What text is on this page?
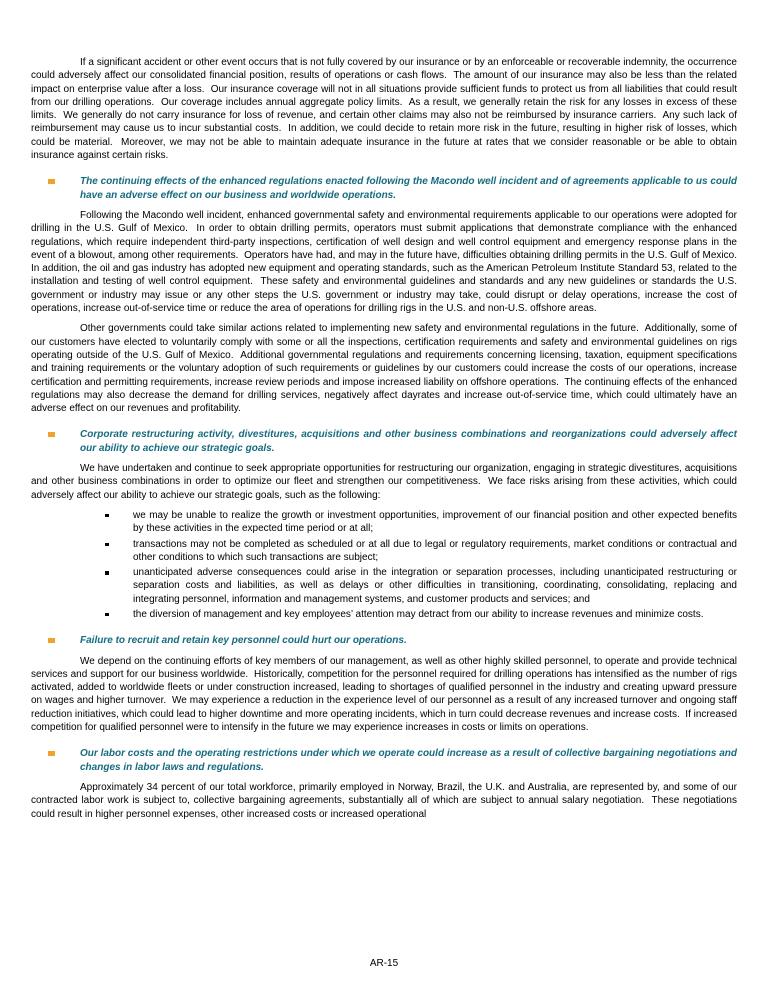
If a significant accident or other event occurs that is not fully covered by our insurance or by an enforceable or recoverable indemnity, the occurrence could adversely affect our consolidated financial position, results of operations or cash flows.  The amount of our insurance may also be less than the related impact on enterprise value after a loss.  Our insurance coverage will not in all situations provide sufficient funds to protect us from all liabilities that could result from our drilling operations.  Our coverage includes annual aggregate policy limits.  As a result, we generally retain the risk for any losses in excess of these limits.  We generally do not carry insurance for loss of revenue, and certain other claims may also not be reimbursed by insurance carriers.  Any such lack of reimbursement may cause us to incur substantial costs.  In addition, we could decide to retain more risk in the future, resulting in higher risk of losses, which could be material.  Moreover, we may not be able to maintain adequate insurance in the future at rates that we consider reasonable or be able to obtain insurance against certain risks.

The continuing effects of the enhanced regulations enacted following the Macondo well incident and of agreements applicable to us could have an adverse effect on our business and worldwide operations.

Following the Macondo well incident, enhanced governmental safety and environmental requirements applicable to our operations were adopted for drilling in the U.S. Gulf of Mexico.  In order to obtain drilling permits, operators must submit applications that demonstrate compliance with the enhanced regulations, which require independent third-party inspections, certification of well design and well control equipment and emergency response plans in the event of a blowout, among other requirements.  Operators have had, and may in the future have, difficulties obtaining drilling permits in the U.S. Gulf of Mexico.  In addition, the oil and gas industry has adopted new equipment and operating standards, such as the American Petroleum Institute Standard 53, related to the installation and testing of well control equipment.  These safety and environmental guidelines and standards and any new guidelines or standards the U.S. government or industry may issue or any other steps the U.S. government or industry may take, could disrupt or delay operations, increase the cost of operations, increase out-of-service time or reduce the area of operations for drilling rigs in the U.S. and non-U.S. offshore areas.

Other governments could take similar actions related to implementing new safety and environmental regulations in the future.  Additionally, some of our customers have elected to voluntarily comply with some or all the inspections, certification requirements and safety and environmental guidelines on rigs operating outside of the U.S. Gulf of Mexico.  Additional governmental regulations and requirements concerning licensing, taxation, equipment specifications and training requirements or the voluntary adoption of such requirements or guidelines by our customers could increase the costs of our operations, increase certification and permitting requirements, increase review periods and impose increased liability on offshore operations.  The continuing effects of the enhanced regulations may also decrease the demand for drilling services, negatively affect dayrates and increase out-of-service time, which could ultimately have an adverse effect on our revenues and profitability.

Corporate restructuring activity, divestitures, acquisitions and other business combinations and reorganizations could adversely affect our ability to achieve our strategic goals.

We have undertaken and continue to seek appropriate opportunities for restructuring our organization, engaging in strategic divestitures, acquisitions and other business combinations in order to optimize our fleet and strengthen our competitiveness.  We face risks arising from these activities, which could adversely affect our ability to achieve our strategic goals, such as the following:

we may be unable to realize the growth or investment opportunities, improvement of our financial position and other expected benefits by these activities in the expected time period or at all;
transactions may not be completed as scheduled or at all due to legal or regulatory requirements, market conditions or contractual and other conditions to which such transactions are subject;
unanticipated adverse consequences could arise in the integration or separation processes, including unanticipated restructuring or separation costs and liabilities, as well as delays or other difficulties in transitioning, coordinating, consolidating, replacing and integrating personnel, information and management systems, and customer products and services; and
the diversion of management and key employees’ attention may detract from our ability to increase revenues and minimize costs.
Failure to recruit and retain key personnel could hurt our operations.

We depend on the continuing efforts of key members of our management, as well as other highly skilled personnel, to operate and provide technical services and support for our business worldwide.  Historically, competition for the personnel required for drilling operations has intensified as the number of rigs activated, added to worldwide fleets or under construction increased, leading to shortages of qualified personnel in the industry and creating upward pressure on wages and higher turnover.  We may experience a reduction in the experience level of our personnel as a result of any increased turnover and ongoing staff reduction initiatives, which could lead to higher downtime and more operating incidents, which in turn could decrease revenues and increase costs.  If increased competition for qualified personnel were to intensify in the future we may experience increases in costs or limits on operations.

Our labor costs and the operating restrictions under which we operate could increase as a result of collective bargaining negotiations and changes in labor laws and regulations.

Approximately 34 percent of our total workforce, primarily employed in Norway, Brazil, the U.K. and Australia, are represented by, and some of our contracted labor work is subject to, collective bargaining agreements, substantially all of which are subject to annual salary negotiation.  These negotiations could result in higher personnel expenses, other increased costs or increased operational

AR-15
